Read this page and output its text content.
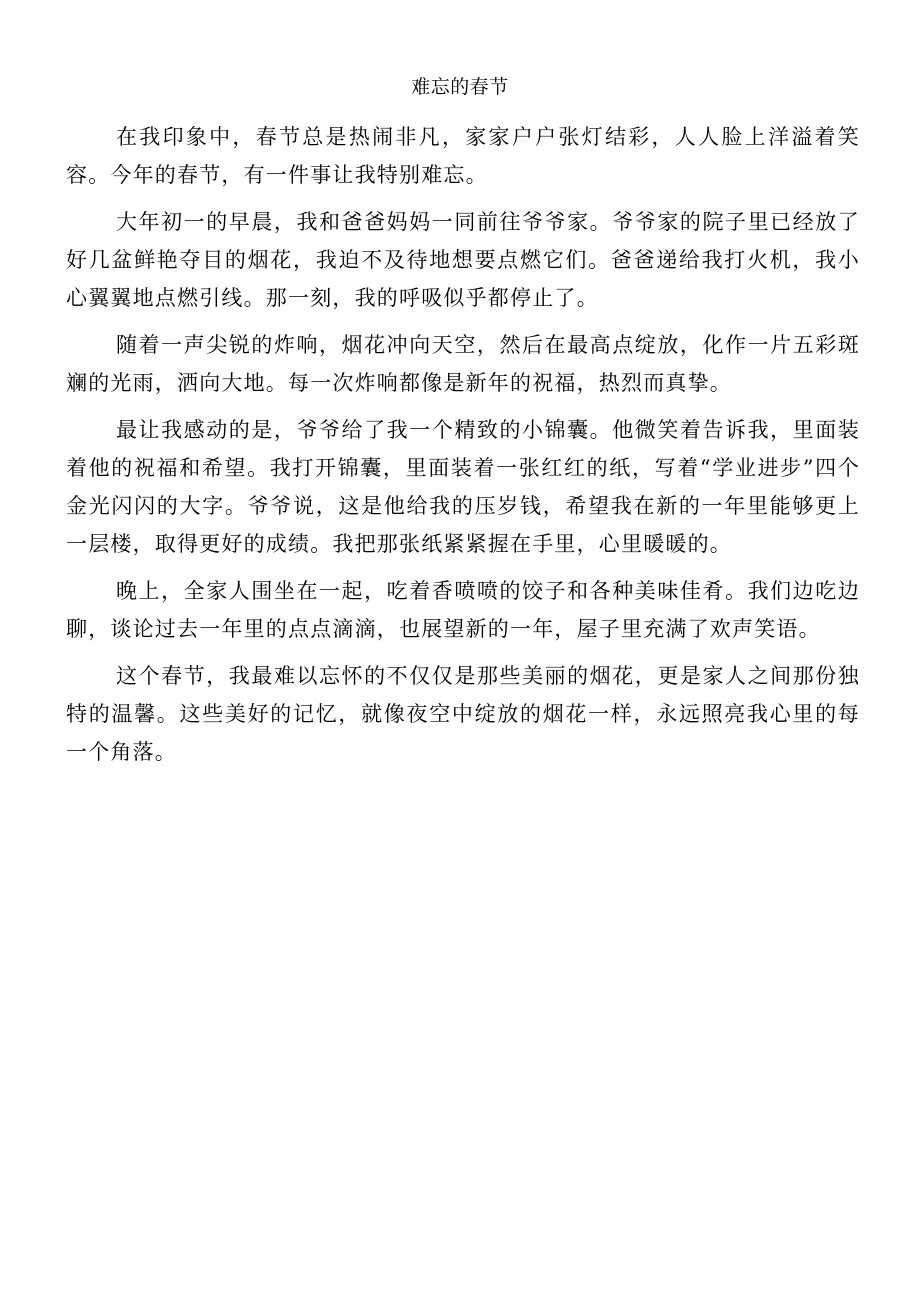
难忘的春节

在我印象中，春节总是热闹非凡，家家户户张灯结彩，人人脸上洋溢着笑容。今年的春节，有一件事让我特别难忘。

大年初一的早晨，我和爸爸妈妈一同前往爷爷家。爷爷家的院子里已经放了好几盆鲜艳夺目的烟花，我迫不及待地想要点燃它们。爸爸递给我打火机，我小心翼翼地点燃引线。那一刻，我的呼吸似乎都停止了。

随着一声尖锐的炸响，烟花冲向天空，然后在最高点绽放，化作一片五彩斑斓的光雨，洒向大地。每一次炸响都像是新年的祝福，热烈而真挚。

最让我感动的是，爷爷给了我一个精致的小锦囊。他微笑着告诉我，里面装着他的祝福和希望。我打开锦囊，里面装着一张红红的纸，写着“学业进步”四个金光闪闪的大字。爷爷说，这是他给我的压岁钱，希望我在新的一年里能够更上一层楼，取得更好的成绩。我把那张纸紧紧握在手里，心里暖暖的。

晚上，全家人围坐在一起，吃着香喷喷的饺子和各种美味佳肴。我们边吃边聊，谈论过去一年里的点点滴滴，也展望新的一年，屋子里充满了欢声笑语。

这个春节，我最难以忘怀的不仅仅是那些美丽的烟花，更是家人之间那份独特的温馨。这些美好的记忆，就像夜空中绽放的烟花一样，永远照亮我心里的每一个角落。
